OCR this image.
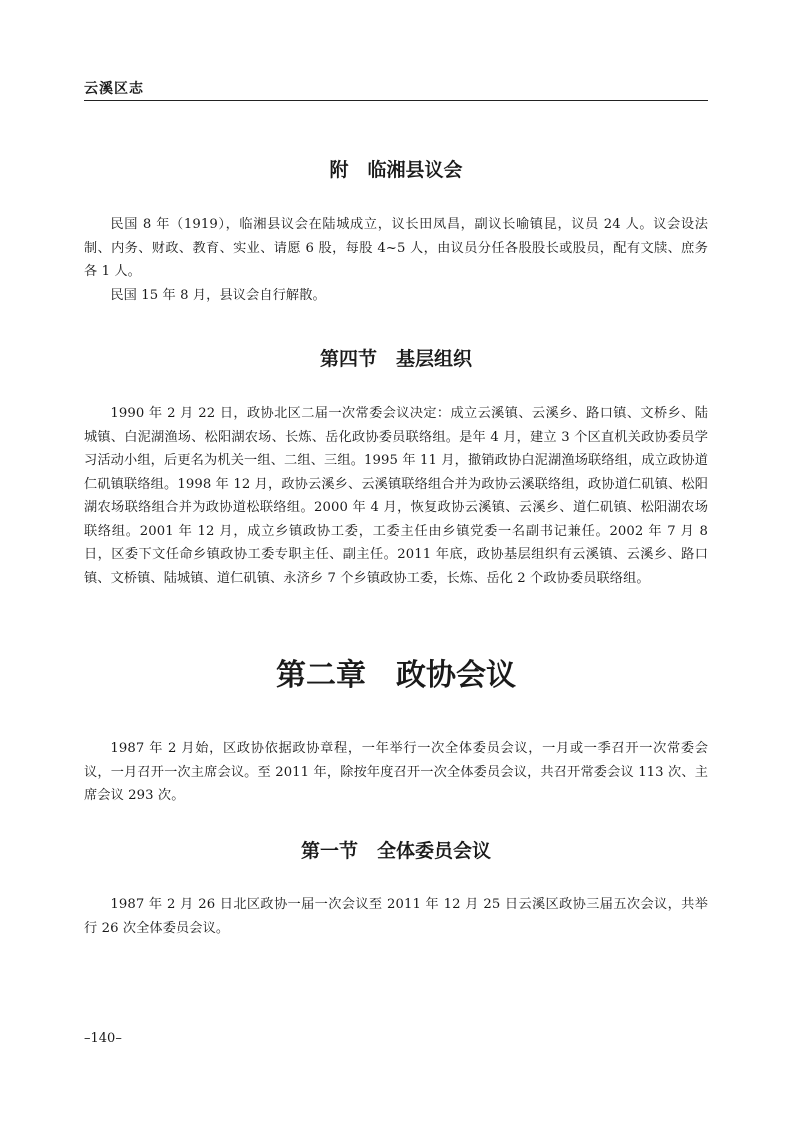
云溪区志
附　临湘县议会

民国 8 年（1919），临湘县议会在陆城成立，议长田凤昌，副议长喻镇昆，议员 24 人。议会设法制、内务、财政、教育、实业、请愿 6 股，每股 4~5 人，由议员分任各股股长或股员，配有文牍、庶务各 1 人。

民国 15 年 8 月，县议会自行解散。

第四节　基层组织

1990 年 2 月 22 日，政协北区二届一次常委会议决定：成立云溪镇、云溪乡、路口镇、文桥乡、陆城镇、白泥湖渔场、松阳湖农场、长炼、岳化政协委员联络组。是年 4 月，建立 3 个区直机关政协委员学习活动小组，后更名为机关一组、二组、三组。1995 年 11 月，撤销政协白泥湖渔场联络组，成立政协道仁矶镇联络组。1998 年 12 月，政协云溪乡、云溪镇联络组合并为政协云溪联络组，政协道仁矶镇、松阳湖农场联络组合并为政协道松联络组。2000 年 4 月，恢复政协云溪镇、云溪乡、道仁矶镇、松阳湖农场联络组。2001 年 12 月，成立乡镇政协工委，工委主任由乡镇党委一名副书记兼任。2002 年 7 月 8 日，区委下文任命乡镇政协工委专职主任、副主任。2011 年底，政协基层组织有云溪镇、云溪乡、路口镇、文桥镇、陆城镇、道仁矶镇、永济乡 7 个乡镇政协工委，长炼、岳化 2 个政协委员联络组。

第二章　政协会议

1987 年 2 月始，区政协依据政协章程，一年举行一次全体委员会议，一月或一季召开一次常委会议，一月召开一次主席会议。至 2011 年，除按年度召开一次全体委员会议，共召开常委会议 113 次、主席会议 293 次。

第一节　全体委员会议

1987 年 2 月 26 日北区政协一届一次会议至 2011 年 12 月 25 日云溪区政协三届五次会议，共举行 26 次全体委员会议。

–140–
